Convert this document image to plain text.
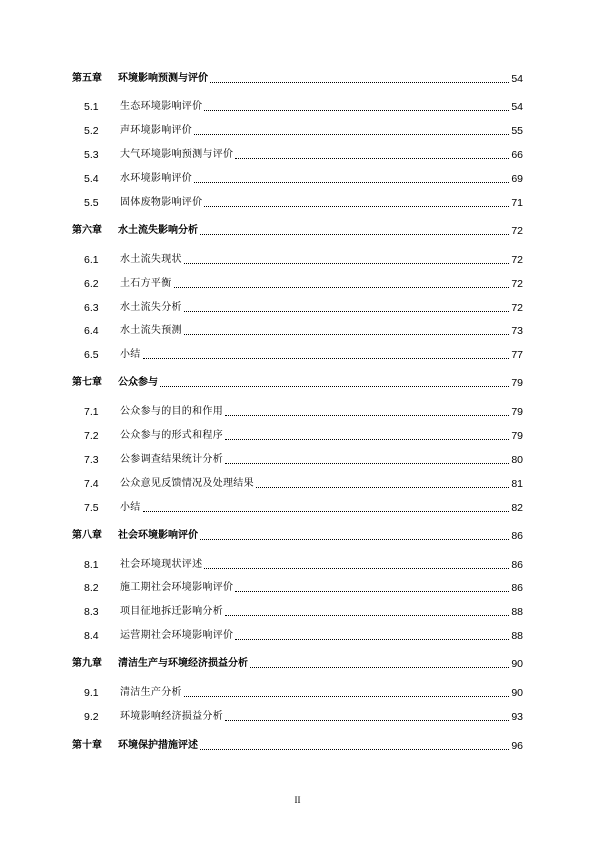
第五章	环境影响预测与评价	54
5.1	生态环境影响评价	54
5.2	声环境影响评价	55
5.3	大气环境影响预测与评价	66
5.4	水环境影响评价	69
5.5	固体废物影响评价	71
第六章	水土流失影响分析	72
6.1	水土流失现状	72
6.2	土石方平衡	72
6.3	水土流失分析	72
6.4	水土流失预测	73
6.5	小结	77
第七章	公众参与	79
7.1	公众参与的目的和作用	79
7.2	公众参与的形式和程序	79
7.3	公参调查结果统计分析	80
7.4	公众意见反馈情况及处理结果	81
7.5	小结	82
第八章	社会环境影响评价	86
8.1	社会环境现状评述	86
8.2	施工期社会环境影响评价	86
8.3	项目征地拆迁影响分析	88
8.4	运营期社会环境影响评价	88
第九章	清洁生产与环境经济损益分析	90
9.1	清洁生产分析	90
9.2	环境影响经济损益分析	93
第十章	环境保护措施评述	96
II
